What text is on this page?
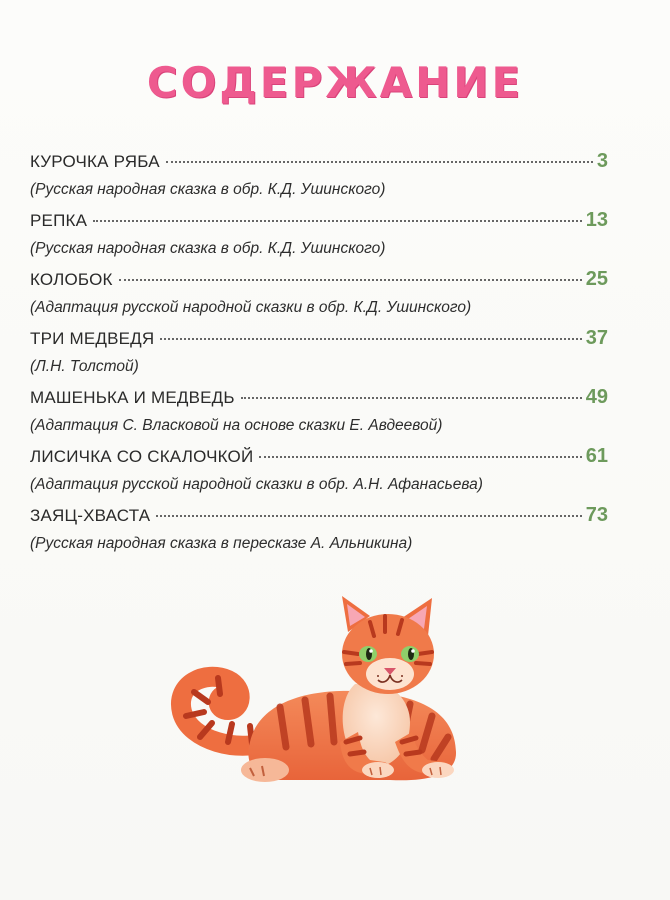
СОДЕРЖАНИЕ
КУРОЧКА РЯБА	3
(Русская народная сказка в обр. К.Д. Ушинского)
РЕПКА	13
(Русская народная сказка в обр. К.Д. Ушинского)
КОЛОБОК	25
(Адаптация русской народной сказки в обр. К.Д. Ушинского)
ТРИ МЕДВЕДЯ	37
(Л.Н. Толстой)
МАШЕНЬКА И МЕДВЕДЬ	49
(Адаптация С. Власковой на основе сказки Е. Авдеевой)
ЛИСИЧКА СО СКАЛОЧКОЙ	61
(Адаптация русской народной сказки в обр. А.Н. Афанасьева)
ЗАЯЦ-ХВАСТА	73
(Русская народная сказка в пересказе А. Альникина)
